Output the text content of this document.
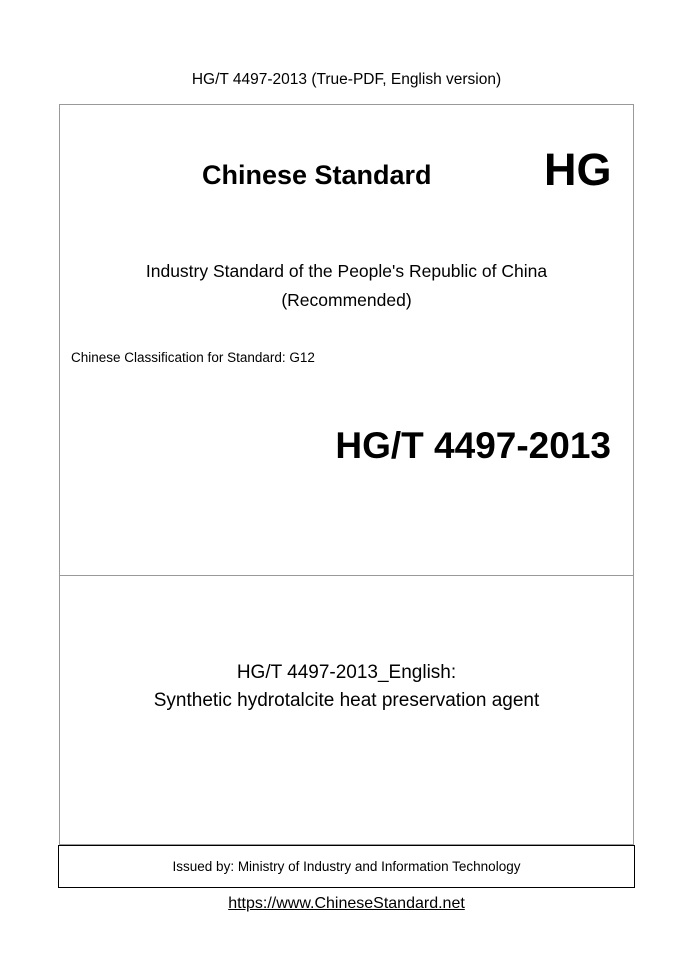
HG/T 4497-2013 (True-PDF, English version)
Chinese Standard HG
Industry Standard of the People's Republic of China
(Recommended)
Chinese Classification for Standard: G12
HG/T 4497-2013
HG/T 4497-2013_English:
Synthetic hydrotalcite heat preservation agent
Issued by: Ministry of Industry and Information Technology
https://www.ChineseStandard.net
